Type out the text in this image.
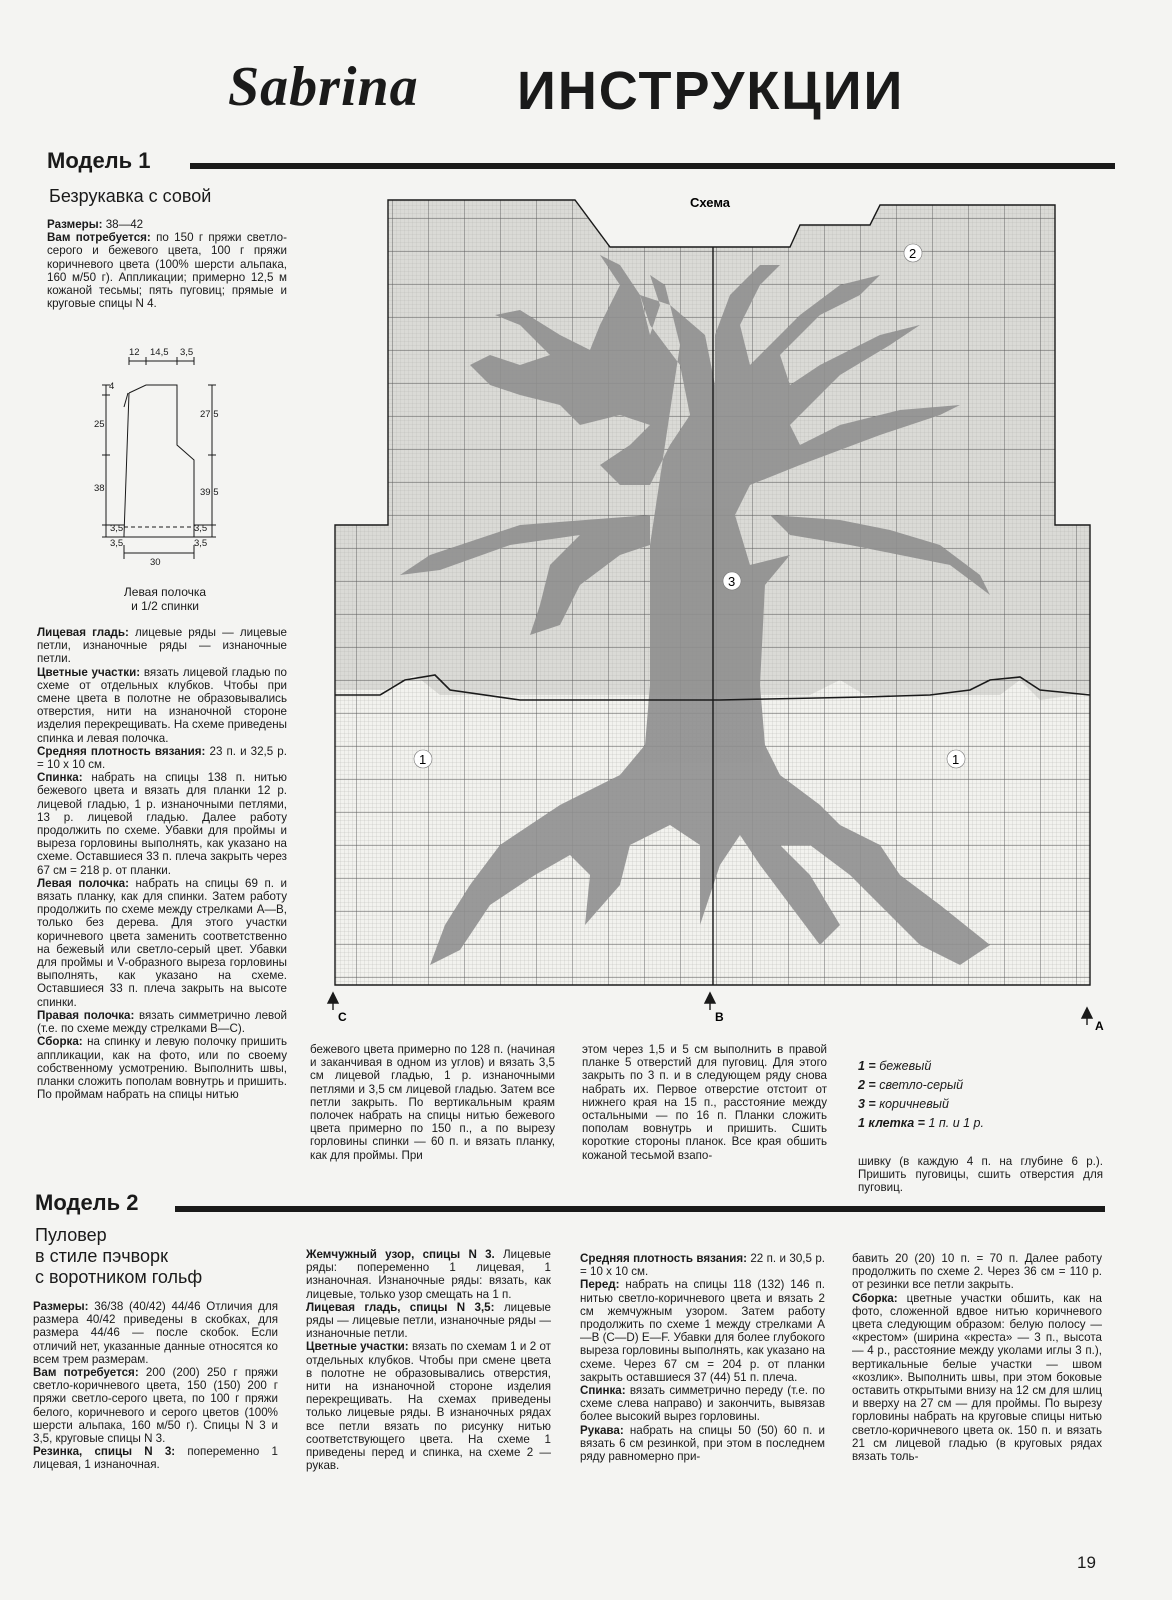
Sabrina ИНСТРУКЦИИ
Модель 1
Безрукавка с совой

Размеры: 38—42

Вам потребуется: по 150 г пряжи светло-серого и бежевого цвета, 100 г пряжи коричневого цвета (100% шерсти альпака, 160 м/50 г). Аппликации; примерно 12,5 м кожаной тесьмы; пять пуговиц; прямые и круговые спицы N 4.

12 14,5 3,5
4
25
38
3,5
3,5
27,5
39,5
3,5
3,5
30
Левая полочка
и 1/2 спинки

Лицевая гладь: лицевые ряды — лицевые петли, изнаночные ряды — изнаночные петли.

Цветные участки: вязать лицевой гладью по схеме от отдельных клубков. Чтобы при смене цвета в полотне не образовывались отверстия, нити на изнаночной стороне изделия перекрещивать. На схеме приведены спинка и левая полочка.

Средняя плотность вязания: 23 п. и 32,5 р. = 10 х 10 см.

Спинка: набрать на спицы 138 п. нитью бежевого цвета и вязать для планки 12 р. лицевой гладью, 1 р. изнаночными петлями, 13 р. лицевой гладью. Далее работу продолжить по схеме. Убавки для проймы и выреза горловины выполнять, как указано на схеме. Оставшиеся 33 п. плеча закрыть через 67 см = 218 р. от планки.

Левая полочка: набрать на спицы 69 п. и вязать планку, как для спинки. Затем работу продолжить по схеме между стрелками А—В, только без дерева. Для этого участки коричневого цвета заменить соответственно на бежевый или светло-серый цвет. Убавки для проймы и V-образного выреза горловины выполнять, как указано на схеме. Оставшиеся 33 п. плеча закрыть на высоте спинки.

Правая полочка: вязать симметрично левой (т.е. по схеме между стрелками В—С).

Сборка: на спинку и левую полочку пришить аппликации, как на фото, или по своему собственному усмотрению. Выполнить швы, планки сложить пополам вовнутрь и пришить. По проймам набрать на спицы нитью

Схема
1	1
2
3
C	B
A

бежевого цвета примерно по 128 п. (начиная и заканчивая в одном из углов) и вязать 3,5 см лицевой гладью, 1 р. изнаночными петлями и 3,5 см лицевой гладью. Затем все петли закрыть. По вертикальным краям полочек набрать на спицы нитью бежевого цвета примерно по 150 п., а по вырезу горловины спинки — 60 п. и вязать планку, как для проймы. При

этом через 1,5 и 5 см выполнить в правой планке 5 отверстий для пуговиц. Для этого закрыть по 3 п. и в следующем ряду снова набрать их. Первое отверстие отстоит от нижнего края на 15 п., расстояние между остальными — по 16 п. Планки сложить пополам вовнутрь и пришить. Сшить короткие стороны планок. Все края обшить кожаной тесьмой взапо-

1 = бежевый
2 = светло-серый
3 = коричневый
1 клетка = 1 п. и 1 р.

шивку (в каждую 4 п. на глубине 6 р.). Пришить пуговицы, сшить отверстия для пуговиц.

Модель 2
Пуловер
в стиле пэчворк
с воротником гольф

Размеры: 36/38 (40/42) 44/46 Отличия для размера 40/42 приведены в скобках, для размера 44/46 — после скобок. Если отличий нет, указанные данные относятся ко всем трем размерам.

Вам потребуется: 200 (200) 250 г пряжи светло-коричневого цвета, 150 (150) 200 г пряжи светло-серого цвета, по 100 г пряжи белого, коричневого и серого цветов (100% шерсти альпака, 160 м/50 г). Спицы N 3 и 3,5, круговые спицы N 3.

Резинка, спицы N 3: попеременно 1 лицевая, 1 изнаночная.

Жемчужный узор, спицы N 3. Лицевые ряды: попеременно 1 лицевая, 1 изнаночная. Изнаночные ряды: вязать, как лицевые, только узор смещать на 1 п.

Лицевая гладь, спицы N 3,5: лицевые ряды — лицевые петли, изнаночные ряды — изнаночные петли.

Цветные участки: вязать по схемам 1 и 2 от отдельных клубков. Чтобы при смене цвета в полотне не образовывались отверстия, нити на изнаночной стороне изделия перекрещивать. На схемах приведены только лицевые ряды. В изнаночных рядах все петли вязать по рисунку нитью соответствующего цвета. На схеме 1 приведены перед и спинка, на схеме 2 — рукав.

Средняя плотность вязания: 22 п. и 30,5 р. = 10 х 10 см.

Перед: набрать на спицы 118 (132) 146 п. нитью светло-коричневого цвета и вязать 2 см жемчужным узором. Затем работу продолжить по схеме 1 между стрелками А—В (С—D) Е—F. Убавки для более глубокого выреза горловины выполнять, как указано на схеме. Через 67 см = 204 р. от планки закрыть оставшиеся 37 (44) 51 п. плеча.

Спинка: вязать симметрично переду (т.е. по схеме слева направо) и закончить, вывязав более высокий вырез горловины.

Рукава: набрать на спицы 50 (50) 60 п. и вязать 6 см резинкой, при этом в последнем ряду равномерно при-

бавить 20 (20) 10 п. = 70 п. Далее работу продолжить по схеме 2. Через 36 см = 110 р. от резинки все петли закрыть.

Сборка: цветные участки обшить, как на фото, сложенной вдвое нитью коричневого цвета следующим образом: белую полосу — «крестом» (ширина «креста» — 3 п., высота — 4 р., расстояние между уколами иглы 3 п.), вертикальные белые участки — швом «козлик». Выполнить швы, при этом боковые оставить открытыми внизу на 12 см для шлиц и вверху на 27 см — для проймы. По вырезу горловины набрать на круговые спицы нитью светло-коричневого цвета ок. 150 п. и вязать 21 см лицевой гладью (в круговых рядах вязать толь-

19
